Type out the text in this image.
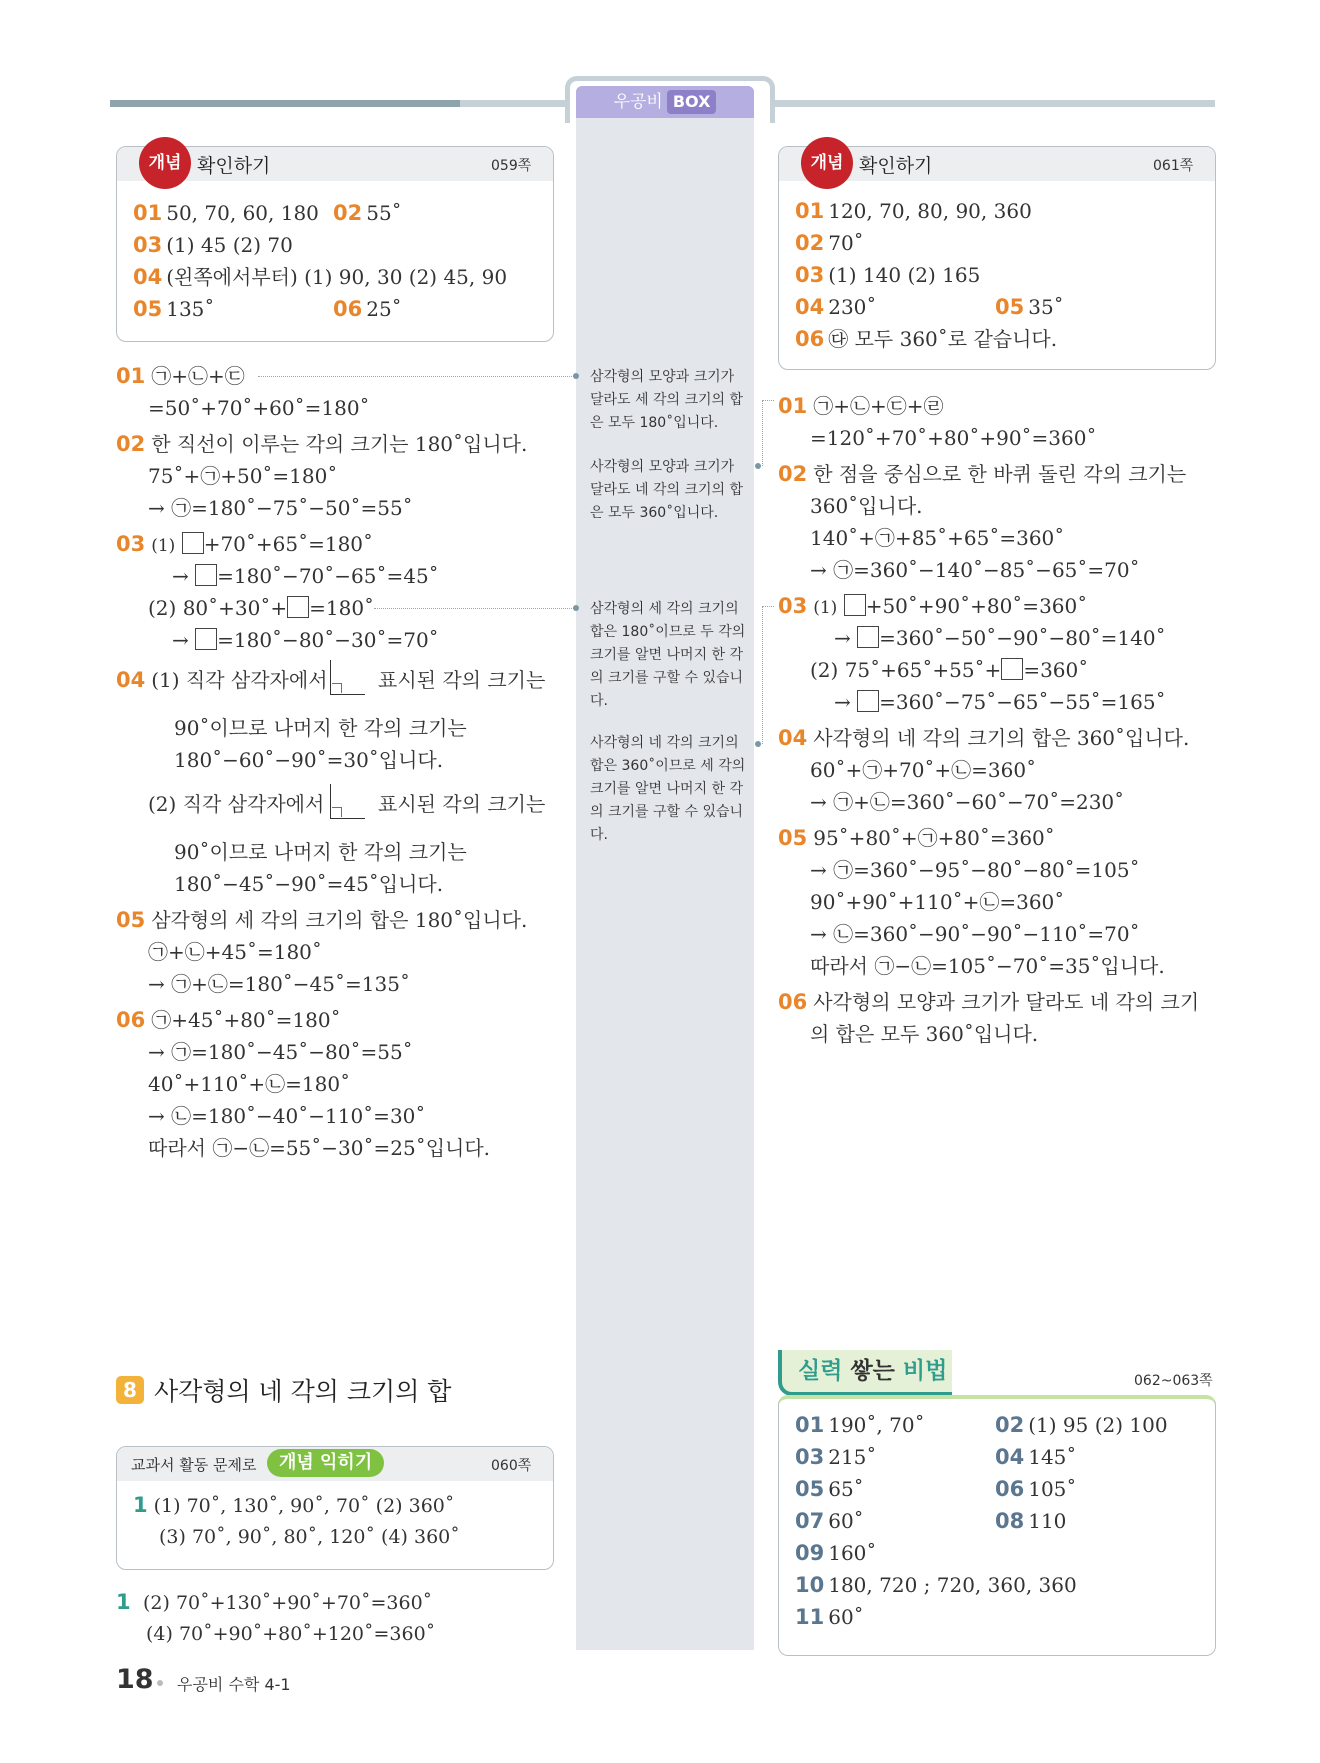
우공비 BOX
개념 확인하기	059쪽
01 50, 70, 60, 180 02 55˚
03 (1) 45 (2) 70
04 (왼쪽에서부터) (1) 90, 30 (2) 45, 90
05 135˚	06 25˚
개념 확인하기	061쪽
01 120, 70, 80, 90, 360
02 70˚
03 (1) 140 (2) 165
04 230˚	05 35˚
06 ㉰ 모두 360˚로 같습니다.
01 ㉠+㉡+㉢
=50˚+70˚+60˚=180˚
02 한 직선이 이루는 각의 크기는 180˚입니다.
75˚+㉠+50˚=180˚
→ ㉠=180˚−75˚−50˚=55˚
03 (1) +70˚+65˚=180˚
→ =180˚−70˚−65˚=45˚
(2) 80˚+30˚+ =180˚
→ =180˚−80˚−30˚=70˚
04 (1) 직각 삼각자에서	표시된 각의 크기는
90˚이므로 나머지 한 각의 크기는
180˚−60˚−90˚=30˚입니다.
(2) 직각 삼각자에서	표시된 각의 크기는
90˚이므로 나머지 한 각의 크기는
180˚−45˚−90˚=45˚입니다.
05 삼각형의 세 각의 크기의 합은 180˚입니다.
㉠+㉡+45˚=180˚
→ ㉠+㉡=180˚−45˚=135˚
06 ㉠+45˚+80˚=180˚
→ ㉠=180˚−45˚−80˚=55˚
40˚+110˚+㉡=180˚
→ ㉡=180˚−40˚−110˚=30˚
따라서 ㉠−㉡=55˚−30˚=25˚입니다.
삼각형의 모양과 크기가 달라도 세 각의 크기의 합은 모두 180˚입니다.
사각형의 모양과 크기가 달라도 네 각의 크기의 합은 모두 360˚입니다.
삼각형의 세 각의 크기의 합은 180˚이므로 두 각의 크기를 알면 나머지 한 각의 크기를 구할 수 있습니다.
사각형의 네 각의 크기의 합은 360˚이므로 세 각의 크기를 알면 나머지 한 각의 크기를 구할 수 있습니다.
01 ㉠+㉡+㉢+㉣
=120˚+70˚+80˚+90˚=360˚
02 한 점을 중심으로 한 바퀴 돌린 각의 크기는
360˚입니다.
140˚+㉠+85˚+65˚=360˚
→ ㉠=360˚−140˚−85˚−65˚=70˚
03 (1) +50˚+90˚+80˚=360˚
→ =360˚−50˚−90˚−80˚=140˚
(2) 75˚+65˚+55˚+ =360˚
→ =360˚−75˚−65˚−55˚=165˚
04 사각형의 네 각의 크기의 합은 360˚입니다.
60˚+㉠+70˚+㉡=360˚
→ ㉠+㉡=360˚−60˚−70˚=230˚
05 95˚+80˚+㉠+80˚=360˚
→ ㉠=360˚−95˚−80˚−80˚=105˚
90˚+90˚+110˚+㉡=360˚
→ ㉡=360˚−90˚−90˚−110˚=70˚
따라서 ㉠−㉡=105˚−70˚=35˚입니다.
06 사각형의 모양과 크기가 달라도 네 각의 크기
의 합은 모두 360˚입니다.
8 사각형의 네 각의 크기의 합
교과서 활동 문제로	개념 익히기	060쪽
1 (1) 70˚, 130˚, 90˚, 70˚ (2) 360˚
(3) 70˚, 90˚, 80˚, 120˚ (4) 360˚
1 (2) 70˚+130˚+90˚+70˚=360˚
(4) 70˚+90˚+80˚+120˚=360˚
실력 쌓는 비법	062~063쪽
01 190˚, 70˚	02 (1) 95 (2) 100
03 215˚	04 145˚
05 65˚	06 105˚
07 60˚	08 110
09 160˚
10 180, 720 ; 720, 360, 360
11 60˚
18 우공비 수학 4-1
